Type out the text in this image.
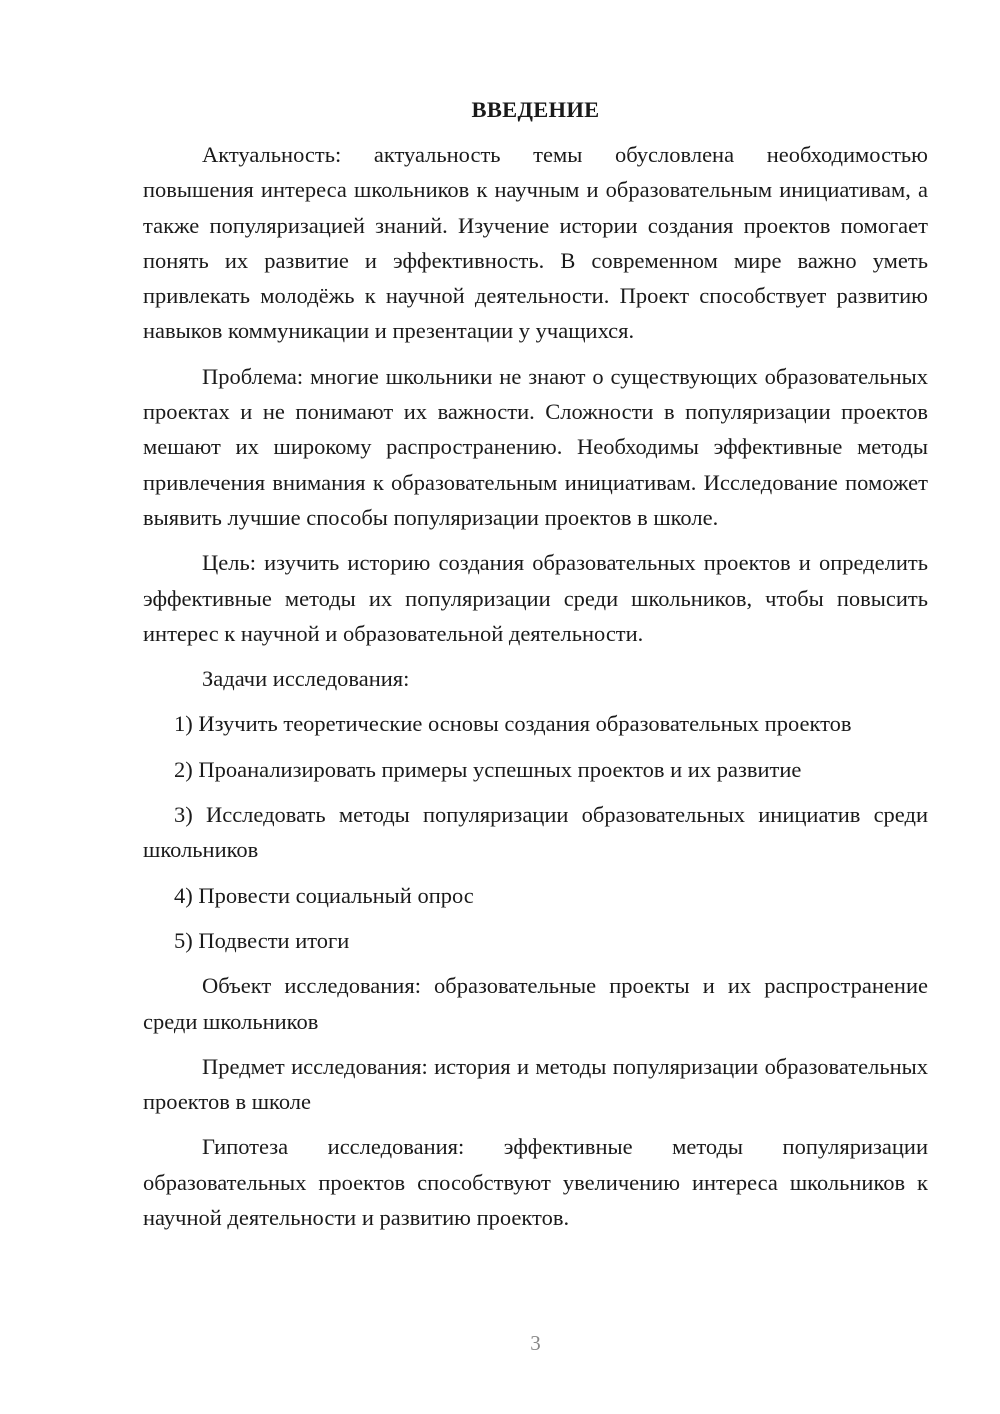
ВВЕДЕНИЕ

Актуальность: актуальность темы обусловлена необходимостью повышения интереса школьников к научным и образовательным инициативам, а также популяризацией знаний. Изучение истории создания проектов помогает понять их развитие и эффективность. В современном мире важно уметь привлекать молодёжь к научной деятельности. Проект способствует развитию навыков коммуникации и презентации у учащихся.

Проблема: многие школьники не знают о существующих образовательных проектах и не понимают их важности. Сложности в популяризации проектов мешают их широкому распространению. Необходимы эффективные методы привлечения внимания к образовательным инициативам. Исследование поможет выявить лучшие способы популяризации проектов в школе.

Цель: изучить историю создания образовательных проектов и определить эффективные методы их популяризации среди школьников, чтобы повысить интерес к научной и образовательной деятельности.

Задачи исследования:

1) Изучить теоретические основы создания образовательных проектов

2) Проанализировать примеры успешных проектов и их развитие

3) Исследовать методы популяризации образовательных инициатив среди школьников

4) Провести социальный опрос

5) Подвести итоги

Объект исследования: образовательные проекты и их распространение среди школьников

Предмет исследования: история и методы популяризации образовательных проектов в школе

Гипотеза исследования: эффективные методы популяризации образовательных проектов способствуют увеличению интереса школьников к научной деятельности и развитию проектов.

3
